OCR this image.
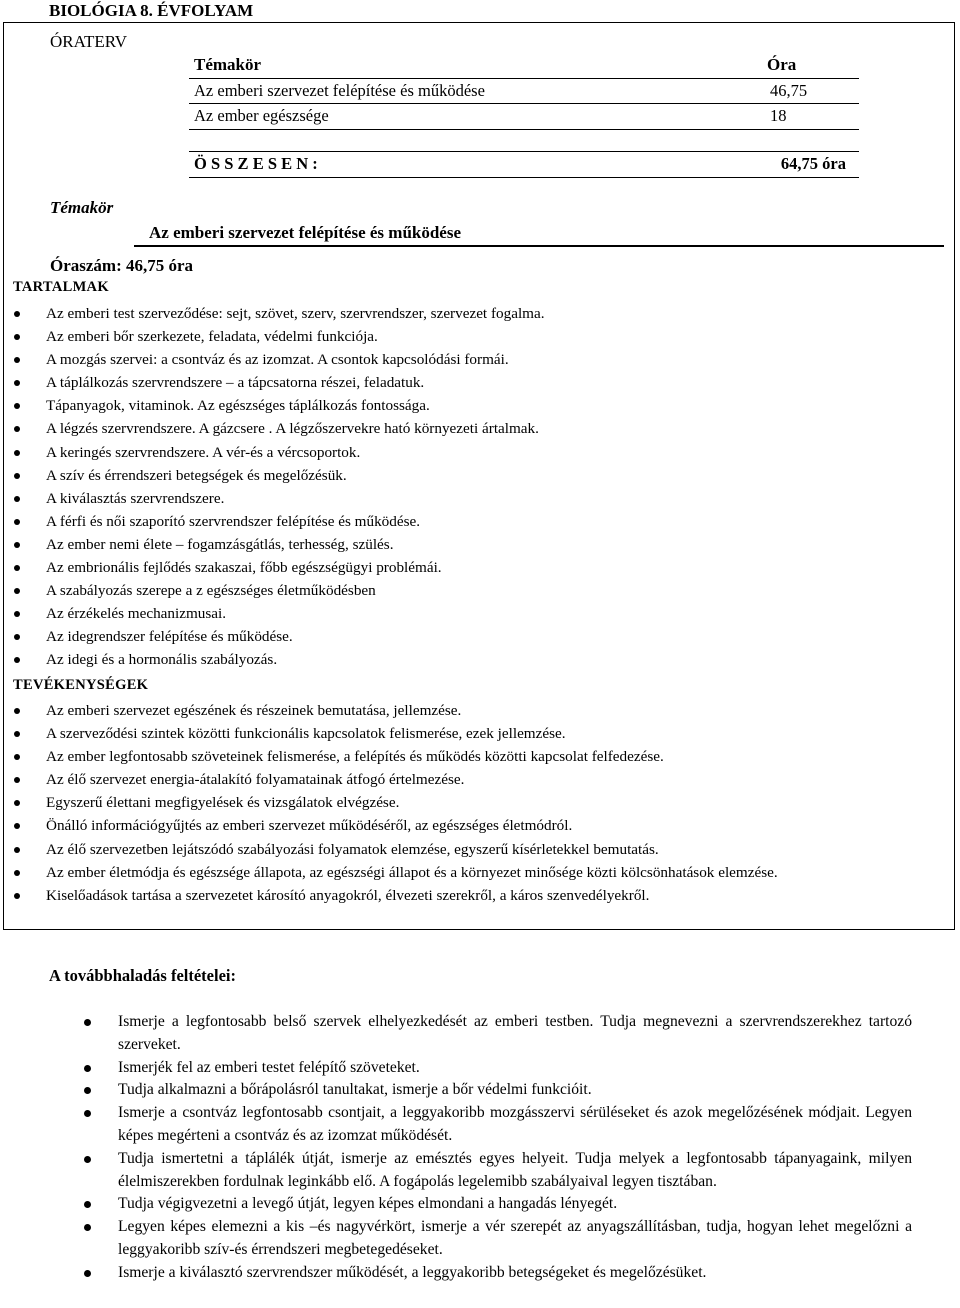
BIOLÓGIA 8. ÉVFOLYAM
ÓRATERV
Témakör	Óra
Az emberi szervezet felépítése és működése	46,75
Az ember egészsége	18
Ö S S Z E S E N :	64,75 óra
Témakör
Az emberi szervezet felépítése és működése
Óraszám: 46,75 óra
TARTALMAK
Az emberi test szerveződése: sejt, szövet, szerv, szervrendszer, szervezet fogalma.
Az emberi bőr szerkezete, feladata, védelmi funkciója.
A mozgás szervei: a csontváz és az izomzat. A csontok kapcsolódási formái.
A táplálkozás szervrendszere – a tápcsatorna részei, feladatuk.
Tápanyagok, vitaminok. Az egészséges táplálkozás fontossága.
A légzés szervrendszere. A gázcsere . A légzőszervekre ható környezeti ártalmak.
A keringés szervrendszere. A vér-és a vércsoportok.
A szív és érrendszeri betegségek és megelőzésük.
A kiválasztás szervrendszere.
A férfi és női szaporító szervrendszer felépítése és működése.
Az ember nemi élete – fogamzásgátlás, terhesség, szülés.
Az embrionális fejlődés szakaszai, főbb egészségügyi problémái.
A szabályozás szerepe a z egészséges életműködésben
Az érzékelés mechanizmusai.
Az idegrendszer felépítése és működése.
Az idegi és a hormonális szabályozás.
TEVÉKENYSÉGEK
Az emberi szervezet egészének és részeinek bemutatása, jellemzése.
A szerveződési szintek közötti funkcionális kapcsolatok felismerése, ezek jellemzése.
Az ember legfontosabb szöveteinek felismerése, a felépítés és működés közötti kapcsolat felfedezése.
Az élő szervezet energia-átalakító folyamatainak átfogó értelmezése.
Egyszerű élettani megfigyelések és vizsgálatok elvégzése.
Önálló információgyűjtés az emberi szervezet működéséről, az egészséges életmódról.
Az élő szervezetben lejátszódó szabályozási folyamatok elemzése, egyszerű kísérletekkel bemutatás.
Az ember életmódja és egészsége állapota, az egészségi állapot és a környezet minősége közti kölcsönhatások elemzése.
Kiselőadások tartása a szervezetet károsító anyagokról, élvezeti szerekről, a káros szenvedélyekről.
A továbbhaladás feltételei:
Ismerje a legfontosabb belső szervek elhelyezkedését az emberi testben. Tudja megnevezni a szervrendszerekhez tartozó szerveket.
Ismerjék fel az emberi testet felépítő szöveteket.
Tudja alkalmazni a bőrápolásról tanultakat, ismerje a bőr védelmi funkcióit.
Ismerje a csontváz legfontosabb csontjait, a leggyakoribb mozgásszervi sérüléseket és azok megelőzésének módjait. Legyen képes megérteni a csontváz és az izomzat működését.
Tudja ismertetni a táplálék útját, ismerje az emésztés egyes helyeit. Tudja melyek a legfontosabb tápanyagaink, milyen élelmiszerekben fordulnak leginkább elő. A fogápolás legelemibb szabályaival legyen tisztában.
Tudja végigvezetni a levegő útját, legyen képes elmondani a hangadás lényegét.
Legyen képes elemezni a kis –és nagyvérkört, ismerje a vér szerepét az anyagszállításban, tudja, hogyan lehet megelőzni a leggyakoribb szív-és érrendszeri megbetegedéseket.
Ismerje a kiválasztó szervrendszer működését, a leggyakoribb betegségeket és megelőzésüket.
